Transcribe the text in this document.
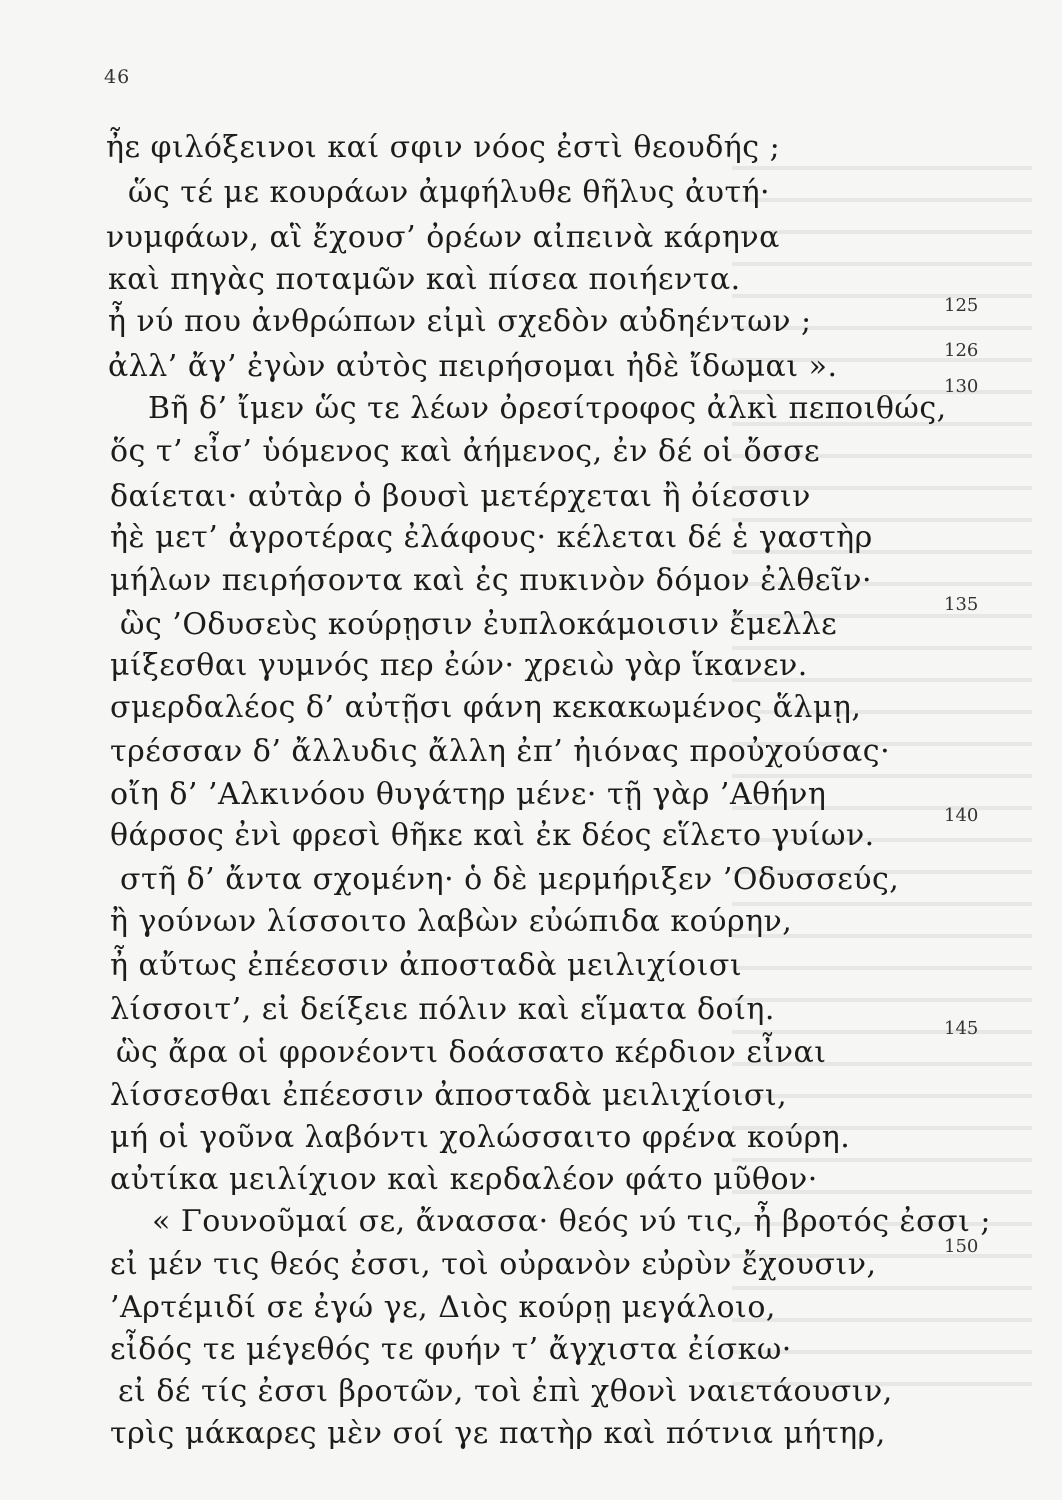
46
ἦε φιλόξεινοι καί σφιν νόος ἐστὶ θεουδής ;
ὥς τέ με κουράων ἀμφήλυθε θῆλυς ἀυτή·
νυμφάων, αἳ ἔχουσ’ ὀρέων αἰπεινὰ κάρηνα
καὶ πηγὰς ποταμῶν καὶ πίσεα ποιήεντα.
ἦ νύ που ἀνθρώπων εἰμὶ σχεδὸν αὐδηέντων ;	125
ἀλλ’ ἄγ’ ἐγὼν αὐτὸς πειρήσομαι ἠδὲ ἴδωμαι ».	126
Βῆ δ’ ἴμεν ὥς τε λέων ὀρεσίτροφος ἀλκὶ πεποιθώς,
130
ὅς τ’ εἶσ’ ὑόμενος καὶ ἀήμενος, ἐν δέ οἱ ὄσσε
δαίεται· αὐτὰρ ὁ βουσὶ μετέρχεται ἢ ὀίεσσιν
ἠὲ μετ’ ἀγροτέρας ἐλάφους· κέλεται δέ ἑ γαστὴρ
μήλων πειρήσοντα καὶ ἐς πυκινὸν δόμον ἐλθεῖν·
ὣς ’Οδυσεὺς κούρῃσιν ἐυπλοκάμοισιν ἔμελλε
135
μίξεσθαι γυμνός περ ἐών· χρειὼ γὰρ ἵκανεν.
σμερδαλέος δ’ αὐτῇσι φάνη κεκακωμένος ἅλμῃ,
τρέσσαν δ’ ἄλλυδις ἄλλη ἐπ’ ἠιόνας προὐχούσας·
οἴη δ’ ’Αλκινόου θυγάτηρ μένε· τῇ γὰρ ’Αθήνη
θάρσος ἐνὶ φρεσὶ θῆκε καὶ ἐκ δέος εἵλετο γυίων.
140
στῆ δ’ ἄντα σχομένη· ὁ δὲ μερμήριξεν ’Οδυσσεύς,
ἢ γούνων λίσσοιτο λαβὼν εὐώπιδα κούρην,
ἦ αὔτως ἐπέεσσιν ἀποσταδὰ μειλιχίοισι
λίσσοιτ’, εἰ δείξειε πόλιν καὶ εἵματα δοίη.
ὣς ἄρα οἱ φρονέοντι δοάσσατο κέρδιον εἶναι
145
λίσσεσθαι ἐπέεσσιν ἀποσταδὰ μειλιχίοισι,
μή οἱ γοῦνα λαβόντι χολώσσαιτο φρένα κούρη.
αὐτίκα μειλίχιον καὶ κερδαλέον φάτο μῦθον·
« Γουνοῦμαί σε, ἄνασσα· θεός νύ τις, ἦ βροτός ἐσσι ;
εἰ μέν τις θεός ἐσσι, τοὶ οὐρανὸν εὐρὺν ἔχουσιν,
150
’Αρτέμιδί σε ἐγώ γε, Διὸς κούρῃ μεγάλοιο,
εἶδός τε μέγεθός τε φυήν τ’ ἄγχιστα ἐίσκω·
εἰ δέ τίς ἐσσι βροτῶν, τοὶ ἐπὶ χθονὶ ναιετάουσιν,
τρὶς μάκαρες μὲν σοί γε πατὴρ καὶ πότνια μήτηρ,
